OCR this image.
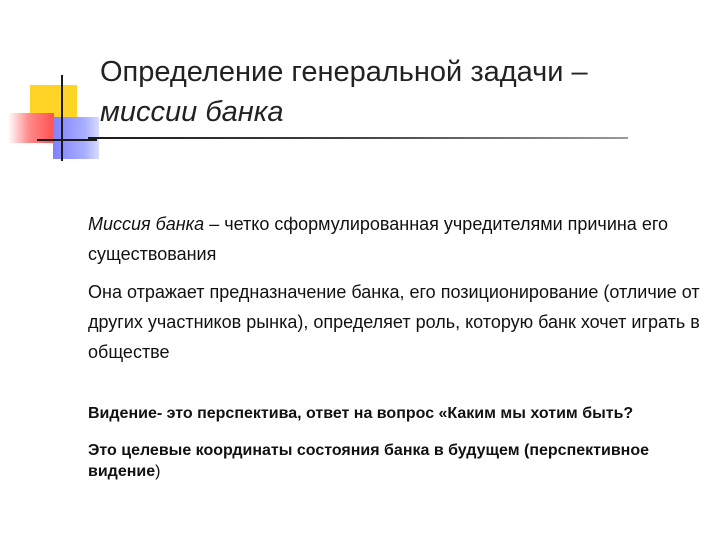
Определение генеральной задачи –
миссии банка

Миссия банка – четко сформулированная учредителями причина его существования

Она отражает предназначение банка, его позиционирование (отличие от других участников рынка), определяет роль, которую банк хочет играть в обществе

Видение- это перспектива, ответ на вопрос «Каким мы хотим быть?

Это целевые координаты состояния банка в будущем (перспективное видение)
